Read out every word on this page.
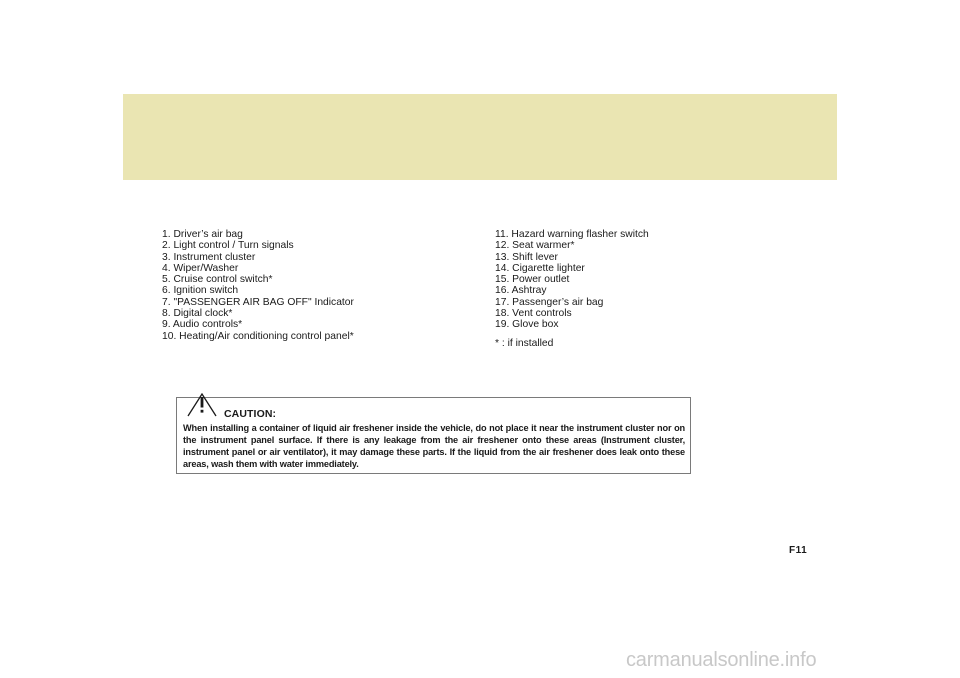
1. Driver’s air bag
2. Light control / Turn signals
3. Instrument cluster
4. Wiper/Washer
5. Cruise control switch*
6. Ignition switch
7. "PASSENGER AIR BAG OFF" Indicator
8. Digital clock*
9. Audio controls*
10. Heating/Air conditioning control panel*
11. Hazard warning flasher switch
12. Seat warmer*
13. Shift lever
14. Cigarette lighter
15. Power outlet
16. Ashtray
17. Passenger’s air bag
18. Vent controls
19. Glove box
* : if installed
CAUTION:

When installing a container of liquid air freshener inside the vehicle, do not place it near the instrument cluster nor on the instrument panel surface. If there is any leakage from the air freshener onto these areas (Instrument cluster, instrument panel or air ventilator), it may damage these parts. If the liquid from the air freshener does leak onto these areas, wash them with water immediately.

F11
carmanualsonline.info
